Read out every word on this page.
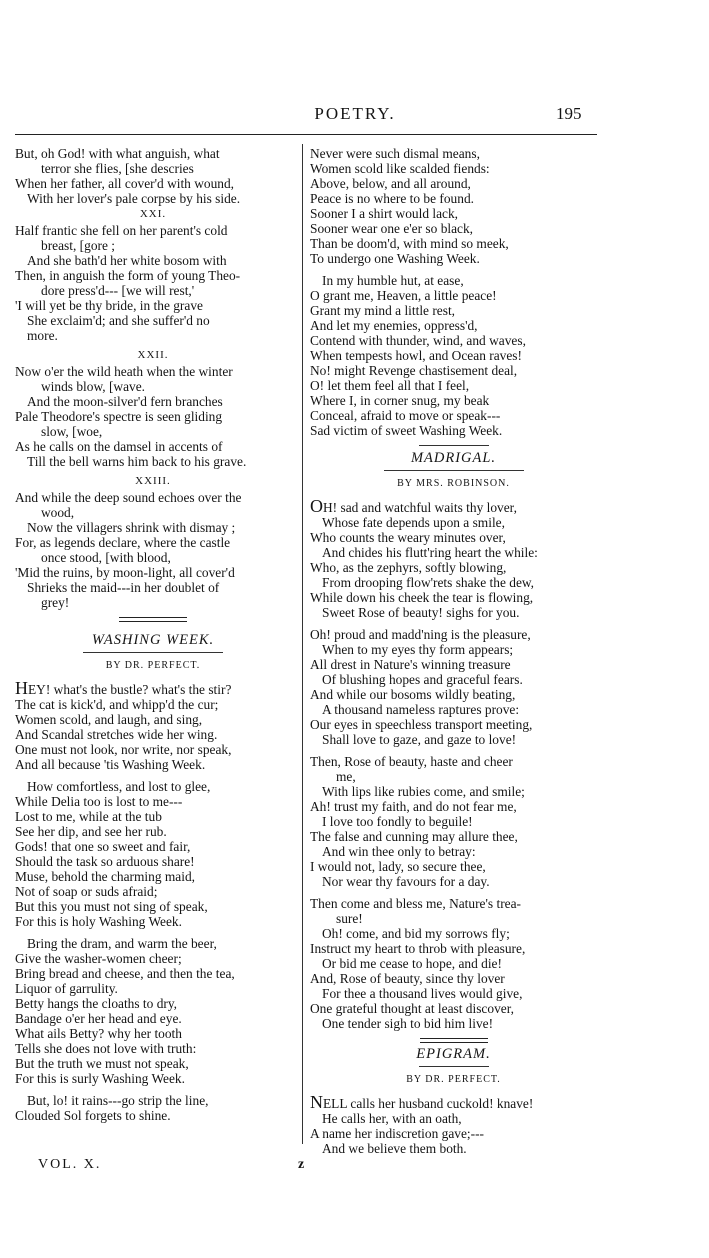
POETRY.	195
But, oh God! with what anguish, what
terror she flies, [she descries
When her father, all cover'd with wound,
With her lover's pale corpse by his side.
XXI.
Half frantic she fell on her parent's cold
breast, [gore ;
And she bath'd her white bosom with
Then, in anguish the form of young Theo-
dore press'd--- [we will rest,'
'I will yet be thy bride, in the grave
She exclaim'd; and she suffer'd no
more.
XXII.
Now o'er the wild heath when the winter
winds blow, [wave.
And the moon-silver'd fern branches
Pale Theodore's spectre is seen gliding
slow, [woe,
As he calls on the damsel in accents of
Till the bell warns him back to his grave.
XXIII.
And while the deep sound echoes over the
wood,
Now the villagers shrink with dismay ;
For, as legends declare, where the castle
once stood, [with blood,
'Mid the ruins, by moon-light, all cover'd
Shrieks the maid---in her doublet of
grey!
WASHING WEEK.
BY DR. PERFECT.
HEY! what's the bustle? what's the stir?
The cat is kick'd, and whipp'd the cur;
Women scold, and laugh, and sing,
And Scandal stretches wide her wing.
One must not look, nor write, nor speak,
And all because 'tis Washing Week.
How comfortless, and lost to glee,
While Delia too is lost to me---
Lost to me, while at the tub
See her dip, and see her rub.
Gods! that one so sweet and fair,
Should the task so arduous share!
Muse, behold the charming maid,
Not of soap or suds afraid;
But this you must not sing of speak,
For this is holy Washing Week.
Bring the dram, and warm the beer,
Give the washer-women cheer;
Bring bread and cheese, and then the tea,
Liquor of garrulity.
Betty hangs the cloaths to dry,
Bandage o'er her head and eye.
What ails Betty? why her tooth
Tells she does not love with truth:
But the truth we must not speak,
For this is surly Washing Week.
But, lo! it rains---go strip the line,
Clouded Sol forgets to shine.
Never were such dismal means,
Women scold like scalded fiends:
Above, below, and all around,
Peace is no where to be found.
Sooner I a shirt would lack,
Sooner wear one e'er so black,
Than be doom'd, with mind so meek,
To undergo one Washing Week.
In my humble hut, at ease,
O grant me, Heaven, a little peace!
Grant my mind a little rest,
And let my enemies, oppress'd,
Contend with thunder, wind, and waves,
When tempests howl, and Ocean raves!
No! might Revenge chastisement deal,
O! let them feel all that I feel,
Where I, in corner snug, my beak
Conceal, afraid to move or speak---
Sad victim of sweet Washing Week.
MADRIGAL.
BY MRS. ROBINSON.
OH! sad and watchful waits thy lover,
Whose fate depends upon a smile,
Who counts the weary minutes over,
And chides his flutt'ring heart the while:
Who, as the zephyrs, softly blowing,
From drooping flow'rets shake the dew,
While down his cheek the tear is flowing,
Sweet Rose of beauty! sighs for you.
Oh! proud and madd'ning is the pleasure,
When to my eyes thy form appears;
All drest in Nature's winning treasure
Of blushing hopes and graceful fears.
And while our bosoms wildly beating,
A thousand nameless raptures prove:
Our eyes in speechless transport meeting,
Shall love to gaze, and gaze to love!
Then, Rose of beauty, haste and cheer
me,
With lips like rubies come, and smile;
Ah! trust my faith, and do not fear me,
I love too fondly to beguile!
The false and cunning may allure thee,
And win thee only to betray:
I would not, lady, so secure thee,
Nor wear thy favours for a day.
Then come and bless me, Nature's trea-
sure!
Oh! come, and bid my sorrows fly;
Instruct my heart to throb with pleasure,
Or bid me cease to hope, and die!
And, Rose of beauty, since thy lover
For thee a thousand lives would give,
One grateful thought at least discover,
One tender sigh to bid him live!
EPIGRAM.
BY DR. PERFECT.
NELL calls her husband cuckold! knave!
He calls her, with an oath,
A name her indiscretion gave;---
And we believe them both.
VOL. X.	z
